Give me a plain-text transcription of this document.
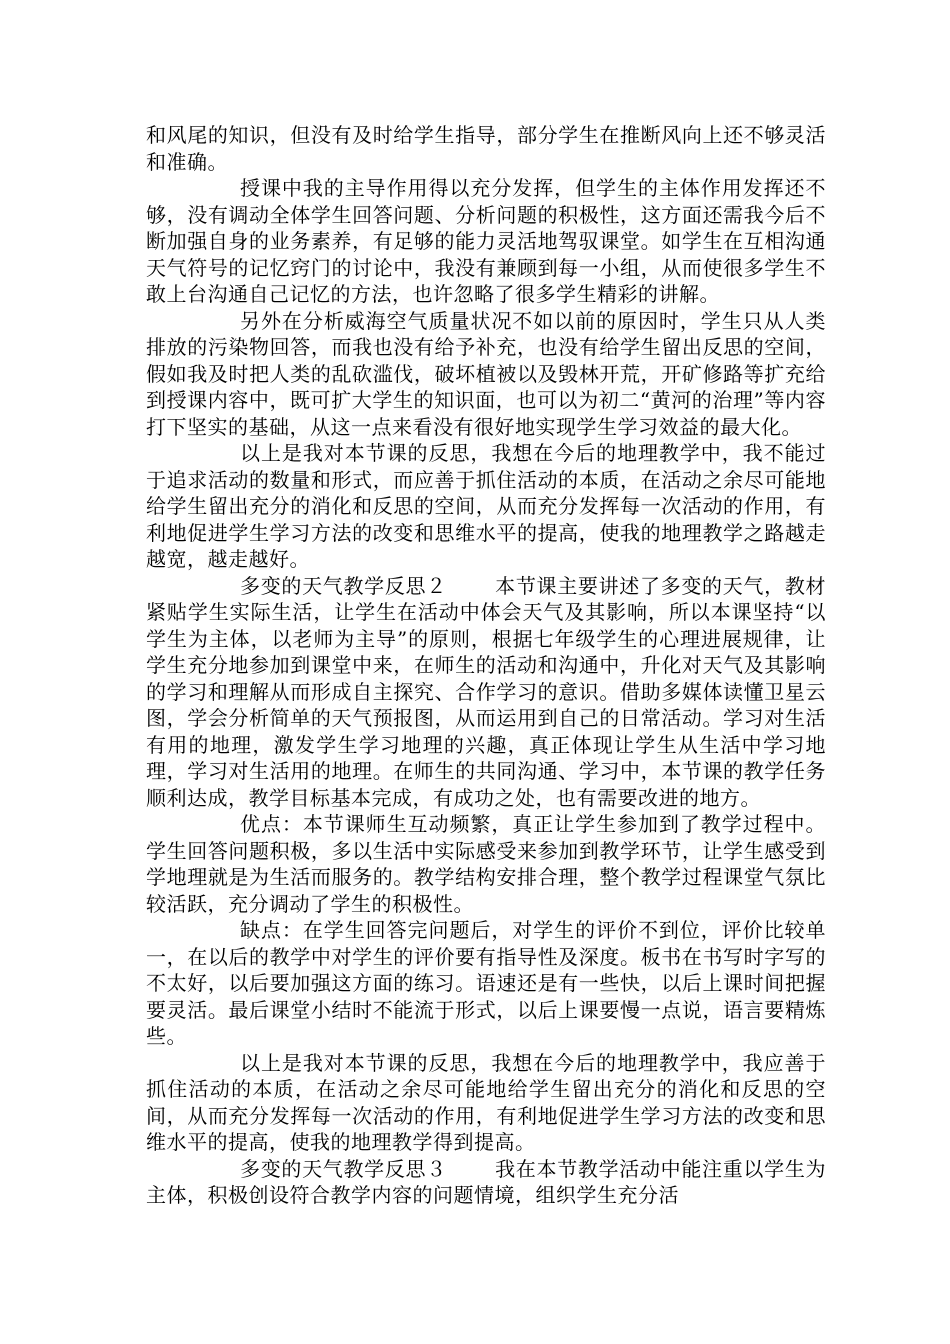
和风尾的知识，但没有及时给学生指导，部分学生在推断风向上还不够灵活和准确。

授课中我的主导作用得以充分发挥，但学生的主体作用发挥还不够，没有调动全体学生回答问题、分析问题的积极性，这方面还需我今后不断加强自身的业务素养，有足够的能力灵活地驾驭课堂。如学生在互相沟通天气符号的记忆窍门的讨论中，我没有兼顾到每一小组，从而使很多学生不敢上台沟通自己记忆的方法，也许忽略了很多学生精彩的讲解。

另外在分析威海空气质量状况不如以前的原因时，学生只从人类排放的污染物回答，而我也没有给予补充，也没有给学生留出反思的空间，假如我及时把人类的乱砍滥伐，破坏植被以及毁林开荒，开矿修路等扩充给到授课内容中，既可扩大学生的知识面，也可以为初二“黄河的治理”等内容打下坚实的基础，从这一点来看没有很好地实现学生学习效益的最大化。

以上是我对本节课的反思，我想在今后的地理教学中，我不能过于追求活动的数量和形式，而应善于抓住活动的本质，在活动之余尽可能地给学生留出充分的消化和反思的空间，从而充分发挥每一次活动的作用，有利地促进学生学习方法的改变和思维水平的提高，使我的地理教学之路越走越宽，越走越好。

多变的天气教学反思２ 本节课主要讲述了多变的天气，教材紧贴学生实际生活，让学生在活动中体会天气及其影响，所以本课坚持“以学生为主体，以老师为主导”的原则，根据七年级学生的心理进展规律，让学生充分地参加到课堂中来，在师生的活动和沟通中，升化对天气及其影响的学习和理解从而形成自主探究、合作学习的意识。借助多媒体读懂卫星云图，学会分析简单的天气预报图，从而运用到自己的日常活动。学习对生活有用的地理，激发学生学习地理的兴趣，真正体现让学生从生活中学习地理，学习对生活用的地理。在师生的共同沟通、学习中，本节课的教学任务顺利达成，教学目标基本完成，有成功之处，也有需要改进的地方。

优点：本节课师生互动频繁，真正让学生参加到了教学过程中。学生回答问题积极，多以生活中实际感受来参加到教学环节，让学生感受到学地理就是为生活而服务的。教学结构安排合理，整个教学过程课堂气氛比较活跃，充分调动了学生的积极性。

缺点：在学生回答完问题后，对学生的评价不到位，评价比较单一，在以后的教学中对学生的评价要有指导性及深度。板书在书写时字写的不太好，以后要加强这方面的练习。语速还是有一些快，以后上课时间把握要灵活。最后课堂小结时不能流于形式，以后上课要慢一点说，语言要精炼些。

以上是我对本节课的反思，我想在今后的地理教学中，我应善于抓住活动的本质，在活动之余尽可能地给学生留出充分的消化和反思的空间，从而充分发挥每一次活动的作用，有利地促进学生学习方法的改变和思维水平的提高，使我的地理教学得到提高。

多变的天气教学反思３ 我在本节教学活动中能注重以学生为主体，积极创设符合教学内容的问题情境，组织学生充分活
